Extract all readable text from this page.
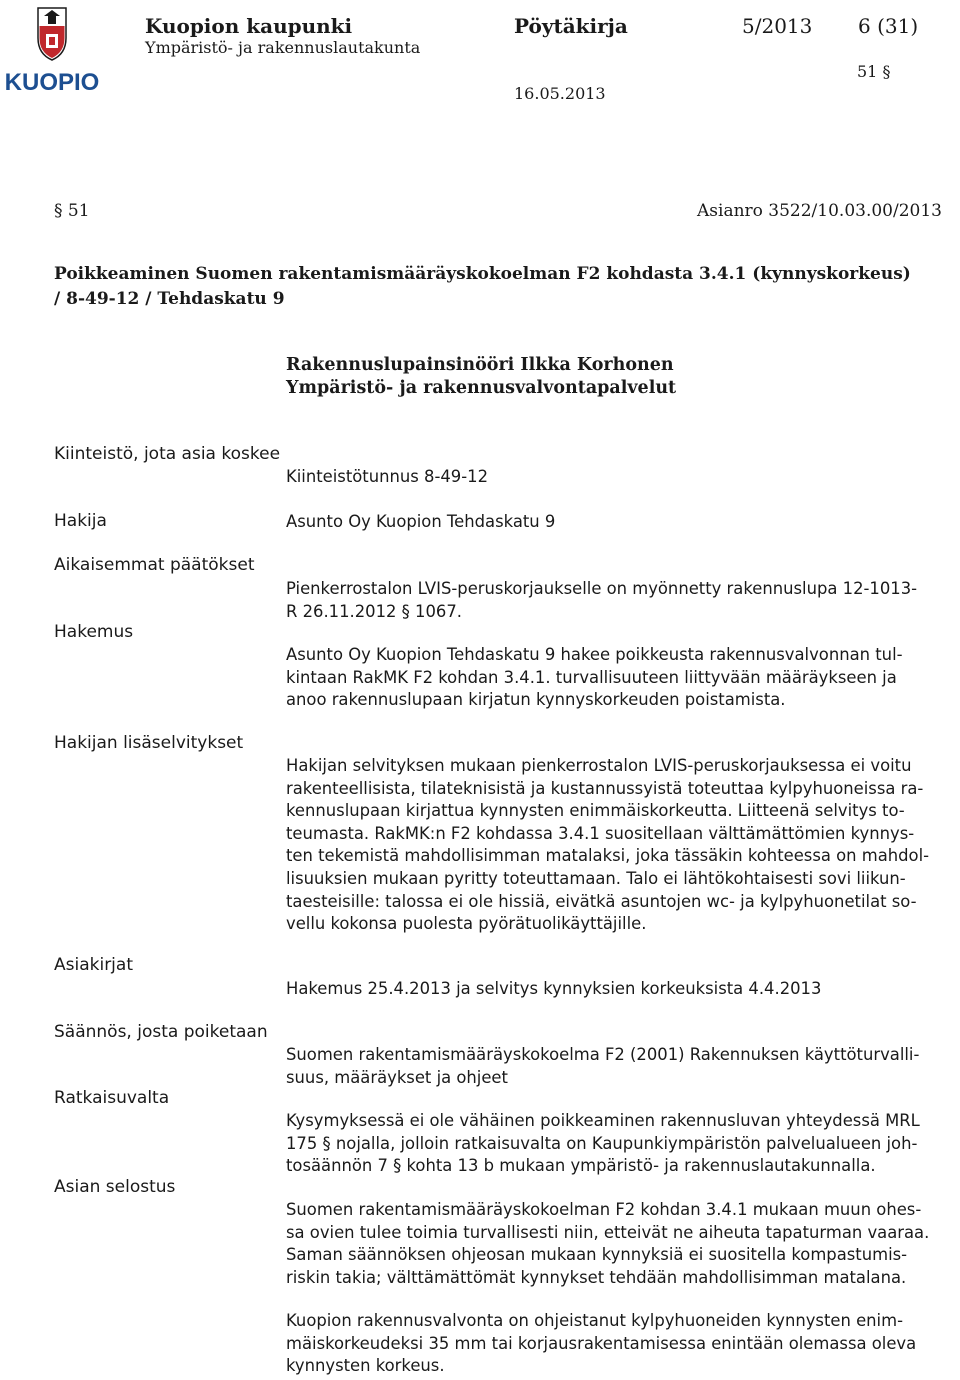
KUOPIO
Kuopion kaupunki
Ympäristö- ja rakennuslautakunta
Pöytäkirja	5/2013 6 (31)
51 §
16.05.2013
§ 51	Asianro 3522/10.03.00/2013
Poikkeaminen Suomen rakentamismääräyskokoelman F2 kohdasta 3.4.1 (kynnyskorkeus)
/ 8-49-12 / Tehdaskatu 9
Rakennuslupainsinööri Ilkka Korhonen
Ympäristö- ja rakennusvalvontapalvelut
Kiinteistö, jota asia koskee
Hakija
Aikaisemmat päätökset
Hakemus
Hakijan lisäselvitykset
Asiakirjat
Säännös, josta poiketaan
Ratkaisuvalta
Asian selostus
Kiinteistötunnus 8-49-12
Asunto Oy Kuopion Tehdaskatu 9
Pienkerrostalon LVIS-peruskorjaukselle on myönnetty rakennuslupa 12-1013-
R 26.11.2012 § 1067.
Asunto Oy Kuopion Tehdaskatu 9 hakee poikkeusta rakennusvalvonnan tul-
kintaan RakMK F2 kohdan 3.4.1. turvallisuuteen liittyvään määräykseen ja
anoo rakennuslupaan kirjatun kynnyskorkeuden poistamista.
Hakijan selvityksen mukaan pienkerrostalon LVIS-peruskorjauksessa ei voitu
rakenteellisista, tilateknisistä ja kustannussyistä toteuttaa kylpyhuoneissa ra-
kennuslupaan kirjattua kynnysten enimmäiskorkeutta. Liitteenä selvitys to-
teumasta. RakMK:n F2 kohdassa 3.4.1 suositellaan välttämättömien kynnys-
ten tekemistä mahdollisimman matalaksi, joka tässäkin kohteessa on mahdol-
lisuuksien mukaan pyritty toteuttamaan. Talo ei lähtökohtaisesti sovi liikun-
taesteisille: talossa ei ole hissiä, eivätkä asuntojen wc- ja kylpyhuonetilat so-
vellu kokonsa puolesta pyörätuolikäyttäjille.
Hakemus 25.4.2013 ja selvitys kynnyksien korkeuksista 4.4.2013
Suomen rakentamismääräyskokoelma F2 (2001) Rakennuksen käyttöturvalli-
suus, määräykset ja ohjeet
Kysymyksessä ei ole vähäinen poikkeaminen rakennusluvan yhteydessä MRL
175 § nojalla, jolloin ratkaisuvalta on Kaupunkiympäristön palvelualueen joh-
tosäännön 7 § kohta 13 b mukaan ympäristö- ja rakennuslautakunnalla.
Suomen rakentamismääräyskokoelman F2 kohdan 3.4.1 mukaan muun ohes-
sa ovien tulee toimia turvallisesti niin, etteivät ne aiheuta tapaturman vaaraa.
Saman säännöksen ohjeosan mukaan kynnyksiä ei suositella kompastumis-
riskin takia; välttämättömät kynnykset tehdään mahdollisimman matalana.
Kuopion rakennusvalvonta on ohjeistanut kylpyhuoneiden kynnysten enim-
mäiskorkeudeksi 35 mm tai korjausrakentamisessa enintään olemassa oleva
kynnysten korkeus.
